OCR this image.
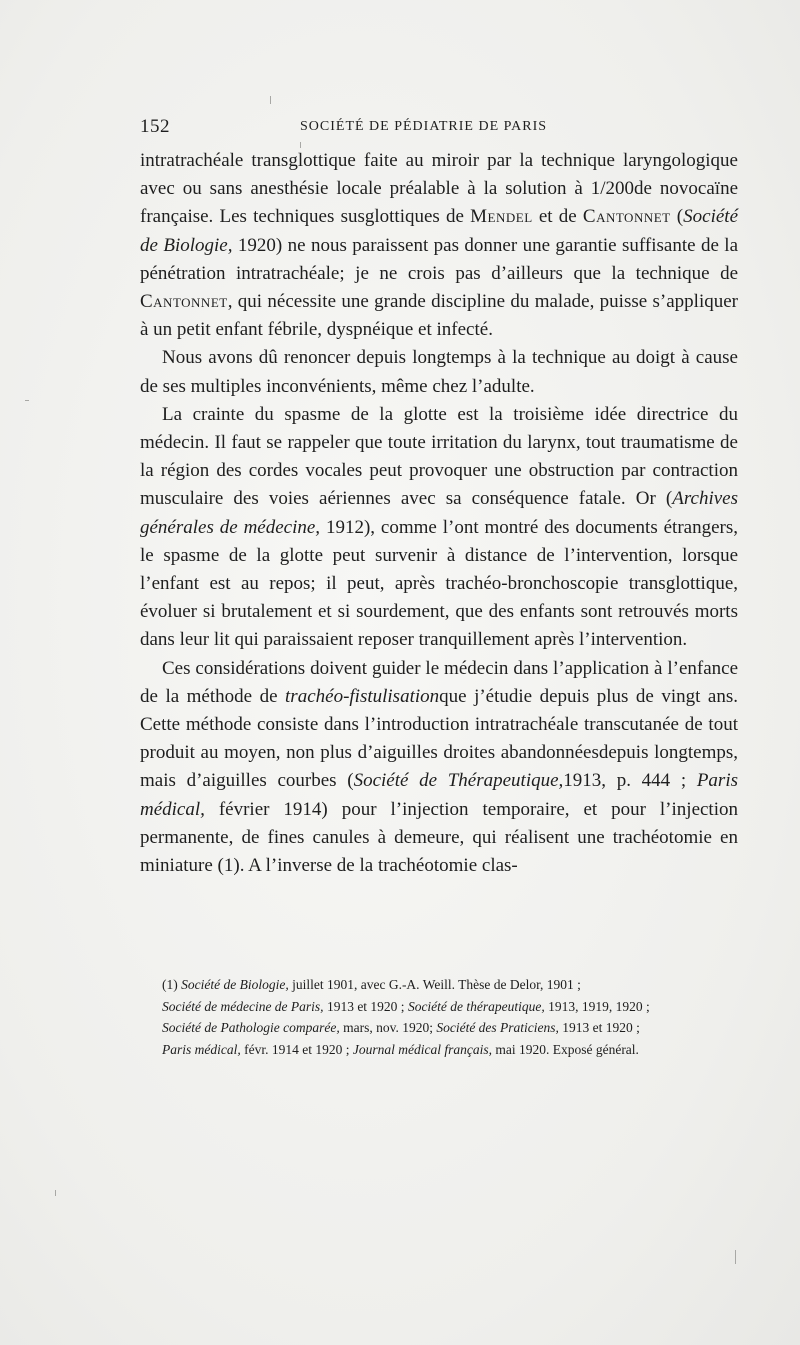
152	SOCIÉTÉ DE PÉDIATRIE DE PARIS

intratrachéale transglottique faite au miroir par la technique laryngologique avec ou sans anesthésie locale préalable à la solution à 1/200de novocaïne française. Les techniques susglottiques de Mendel et de Cantonnet (Société de Biologie, 1920) ne nous paraissent pas donner une garantie suffisante de la pénétration intratrachéale; je ne crois pas d’ailleurs que la technique de Cantonnet, qui nécessite une grande discipline du malade, puisse s’appliquer à un petit enfant fébrile, dyspnéique et infecté.

Nous avons dû renoncer depuis longtemps à la technique au doigt à cause de ses multiples inconvénients, même chez l’adulte.

La crainte du spasme de la glotte est la troisième idée directrice du médecin. Il faut se rappeler que toute irritation du larynx, tout traumatisme de la région des cordes vocales peut provoquer une obstruction par contraction musculaire des voies aériennes avec sa conséquence fatale. Or (Archives générales de médecine, 1912), comme l’ont montré des documents étrangers, le spasme de la glotte peut survenir à distance de l’intervention, lorsque l’enfant est au repos; il peut, après trachéo-bronchoscopie transglottique, évoluer si brutalement et si sourdement, que des enfants sont retrouvés morts dans leur lit qui paraissaient reposer tranquillement après l’intervention.

Ces considérations doivent guider le médecin dans l’application à l’enfance de la méthode de trachéo-fistulisationque j’étudie depuis plus de vingt ans. Cette méthode consiste dans l’introduction intratrachéale transcutanée de tout produit au moyen, non plus d’aiguilles droites abandonnéesdepuis longtemps, mais d’aiguilles courbes (Société de Thérapeutique,1913, p. 444 ; Paris médical, février 1914) pour l’injection temporaire, et pour l’injection permanente, de fines canules à demeure, qui réalisent une trachéotomie en miniature (1). A l’inverse de la trachéotomie clas-

(1) Société de Biologie, juillet 1901, avec G.-A. Weill. Thèse de Delor, 1901 ;

Société de médecine de Paris, 1913 et 1920 ; Société de thérapeutique, 1913, 1919, 1920 ;

Société de Pathologie comparée, mars, nov. 1920; Société des Praticiens, 1913 et 1920 ;

Paris médical, févr. 1914 et 1920 ; Journal médical français, mai 1920. Exposé général.
